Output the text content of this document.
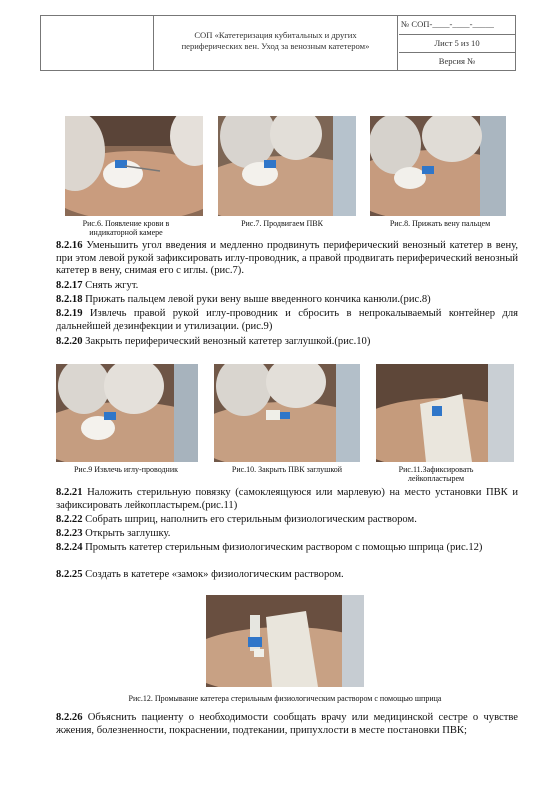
СОП «Катетеризация кубитальных и других
периферических вен. Уход за венозным катетером»
№ СОП-____-____-_____
Лист 5 из 10
Версия №
Рис.6. Появление крови в индикаторной камере
Рис.7. Продвигаем ПВК	Рис.8. Прижать вену пальцем
8.2.16 Уменьшить угол введения и медленно продвинуть периферический венозный катетер в вену, при этом левой рукой зафиксировать иглу-проводник, а правой продвигать периферический венозный катетер в вену, снимая его с иглы. (рис.7).
8.2.17 Снять жгут.
8.2.18 Прижать пальцем левой руки вену выше введенного кончика канюли.(рис.8)
8.2.19 Извлечь правой рукой иглу-проводник и сбросить в непрокалываемый контейнер для дальнейшей дезинфекции и утилизации. (рис.9)
8.2.20 Закрыть периферический венозный катетер заглушкой.(рис.10)
Рис.9 Извлечь иглу-проводник	Рис.10. Закрыть ПВК заглушкой	Рис.11.Зафиксировать лейкопластырем
8.2.21 Наложить стерильную повязку (самоклеящуюся или марлевую) на место установки ПВК и зафиксировать лейкопластырем.(рис.11)
8.2.22 Собрать шприц, наполнить его стерильным физиологическим раствором.
8.2.23 Открыть заглушку.
8.2.24 Промыть катетер стерильным физиологическим раствором с помощью шприца (рис.12)
8.2.25 Создать в катетере «замок» физиологическим раствором.
Рис.12. Промывание катетера стерильным физиологическим раствором с помощью шприца
8.2.26 Объяснить пациенту о необходимости сообщать врачу или медицинской сестре о чувстве жжения, болезненности, покраснении, подтекании, припухлости в месте постановки ПВК;
